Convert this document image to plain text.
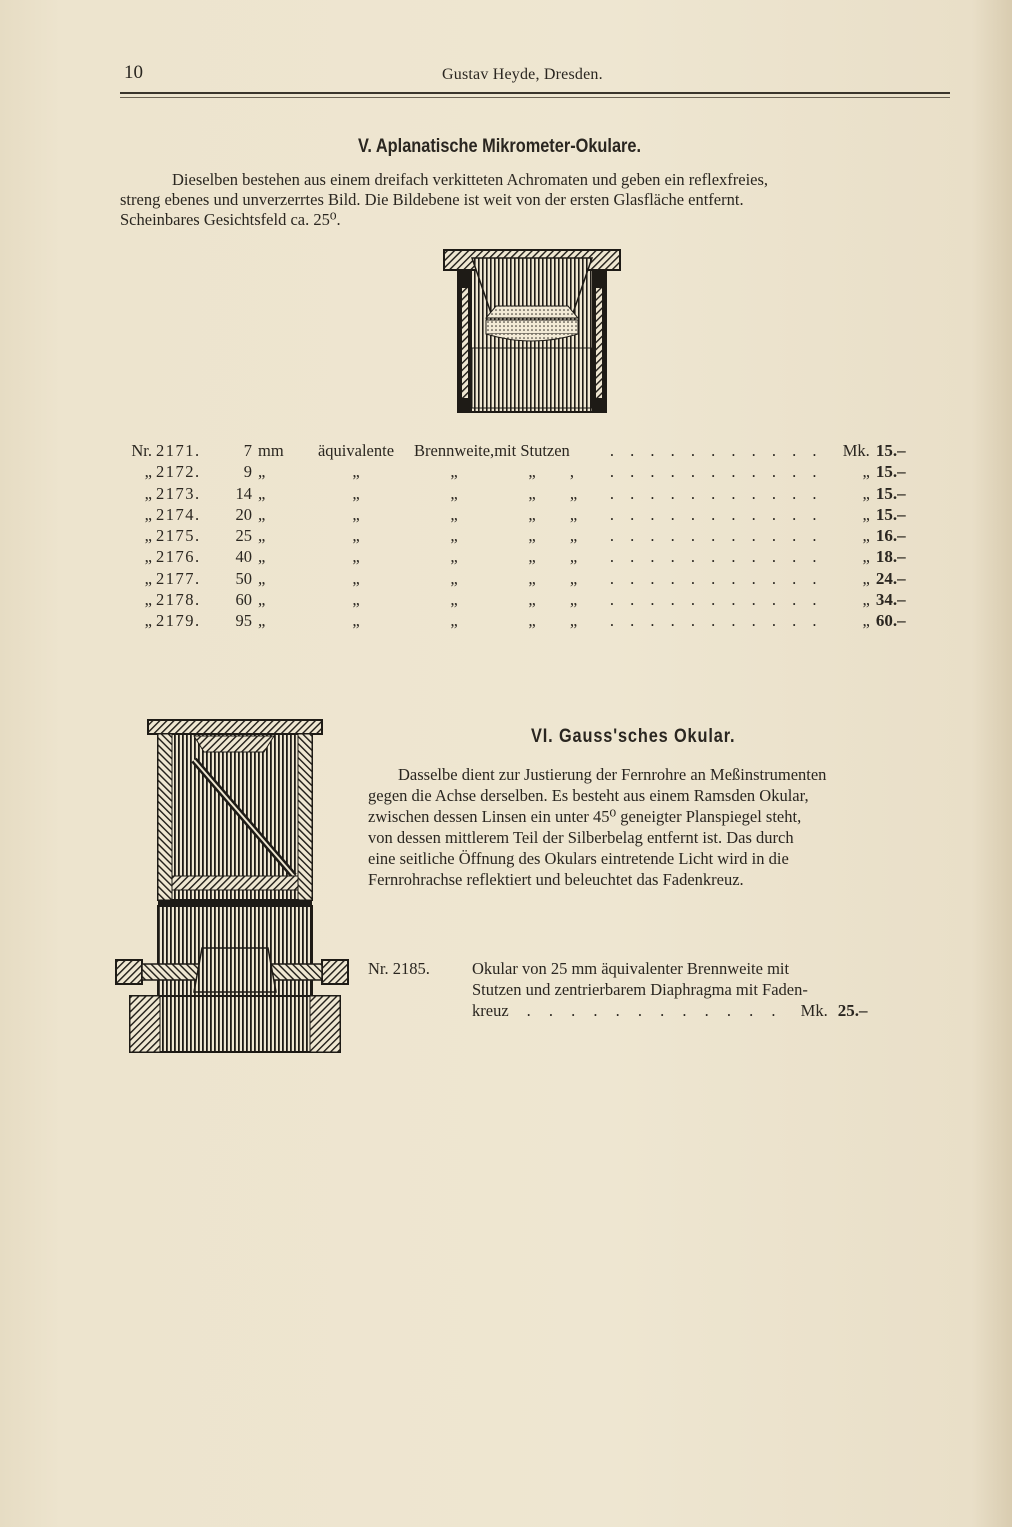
10	Gustav Heyde, Dresden.
V. Aplanatische Mikrometer-Okulare.
Dieselben bestehen aus einem dreifach verkitteten Achromaten und geben ein reflexfreies,
streng ebenes und unverzerrtes Bild. Die Bildebene ist weit von der ersten Glasfläche entfernt.
Scheinbares Gesichtsfeld ca. 25⁰.
Nr.	2171.	7	mm	äquivalente	Brennweite,	mit Stutzen		. . . . . . . . . . .	Mk.	15.–
„	2172.	9	„	„	„	„	,	. . . . . . . . . . .	„	15.–
„	2173.	14	„	„	„	„	„	. . . . . . . . . . .	„	15.–
„	2174.	20	„	„	„	„	„	. . . . . . . . . . .	„	15.–
„	2175.	25	„	„	„	„	„	. . . . . . . . . . .	„	16.–
„	2176.	40	„	„	„	„	„	. . . . . . . . . . .	„	18.–
„	2177.	50	„	„	„	„	„	. . . . . . . . . . .	„	24.–
„	2178.	60	„	„	„	„	„	. . . . . . . . . . .	„	34.–
„	2179.	95	„	„	„	„	„	. . . . . . . . . . .	„	60.–
VI. Gauss'sches Okular.
Dasselbe dient zur Justierung der Fernrohre an Meßinstrumenten
gegen die Achse derselben. Es besteht aus einem Ramsden Okular,
zwischen dessen Linsen ein unter 45⁰ geneigter Planspiegel steht,
von dessen mittlerem Teil der Silberbelag entfernt ist. Das durch
eine seitliche Öffnung des Okulars eintretende Licht wird in die
Fernrohrachse reflektiert und beleuchtet das Fadenkreuz.
Nr. 2185.	Okular von 25 mm äquivalenter Brennweite mit
Stutzen und zentrierbarem Diaphragma mit Faden-
kreuz	. . . . . . . . . . . .	Mk. 25.–
